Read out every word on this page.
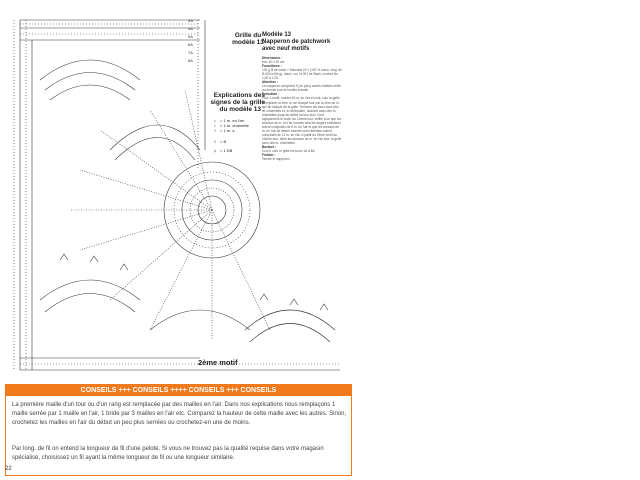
3A
4A
5A
6A
7A
8A
Grille du
modèle 13
Modèle 13
Napperon de patchwork
avec neuf motifs
Explications des
signes de la grille
du modèle 13 :
• = 1 m. en l'air
• = 1 m. chaînette
+ = 1 m. s.
† = B
‡ = 1 DB
Dimensions :
env. 40 x 40 cm
Fournitures :
100 g fil de coton « Manuela 20 » (100 % coton, long. de fil 400 m/50 g), blanc, col. M 001 de Stahl, crochet No 1,00 à 1,25.
Attention :
Le napperon comprend 9 (ou plus) carrés réalisés reliés au dernier tour et bordés ensuite.
Exécution :
Pour 1 motif, monter 16 m. en l'air et cont. suiv. la grille. Remplacer la 1ère m. de chaque tour par la 1ère de m. en l'air indiqué de la grille. Terminer les tours avec des m. chaînettes et, si nécessaire, avancer avec des m. chaînettes jusqu'au début du tour suiv. Cont. logiquement le motif. Au 10ème tour, veiller à ce que les arceaux de m. en l'air tournés vers les angles extérieurs soient composés de 8 m. en l'air et que les arceaux de m. en l'air de liaison tournés vers l'intérieur soient composés de 12 m. en l'air. A partir du 2ème motif au 10ème tour, relier les arceaux de m. en l'air suiv. la grille avec des m. chaînettes.
Bordure :
Croch. suiv. le grille les tours 1A à 8A.
Finition :
Tendre le napperon
2ème motif
CONSEILS +++ CONSEILS ++++ CONSEILS +++ CONSEILS
La première maille d'un tour ou d'un rang est remplacée par des mailles en l'air. Dans nos explications nous remplaçons 1 maille serrée par 1 maille en l'air, 1 bride par 3 mailles en l'air etc. Comparez la hauteur de cette maille avec les autres. Sinon, crochetez les mailles en l'air du début un peu plus serrées ou crochetez-en une de moins.
Par long. de fil on entend la longueur de fil d'une pelote. Si vous ne trouvez pas la qualité requise dans votre magasin spécialisé, choisissez un fil ayant la même longueur de fil ou une longueur similaire.
22
